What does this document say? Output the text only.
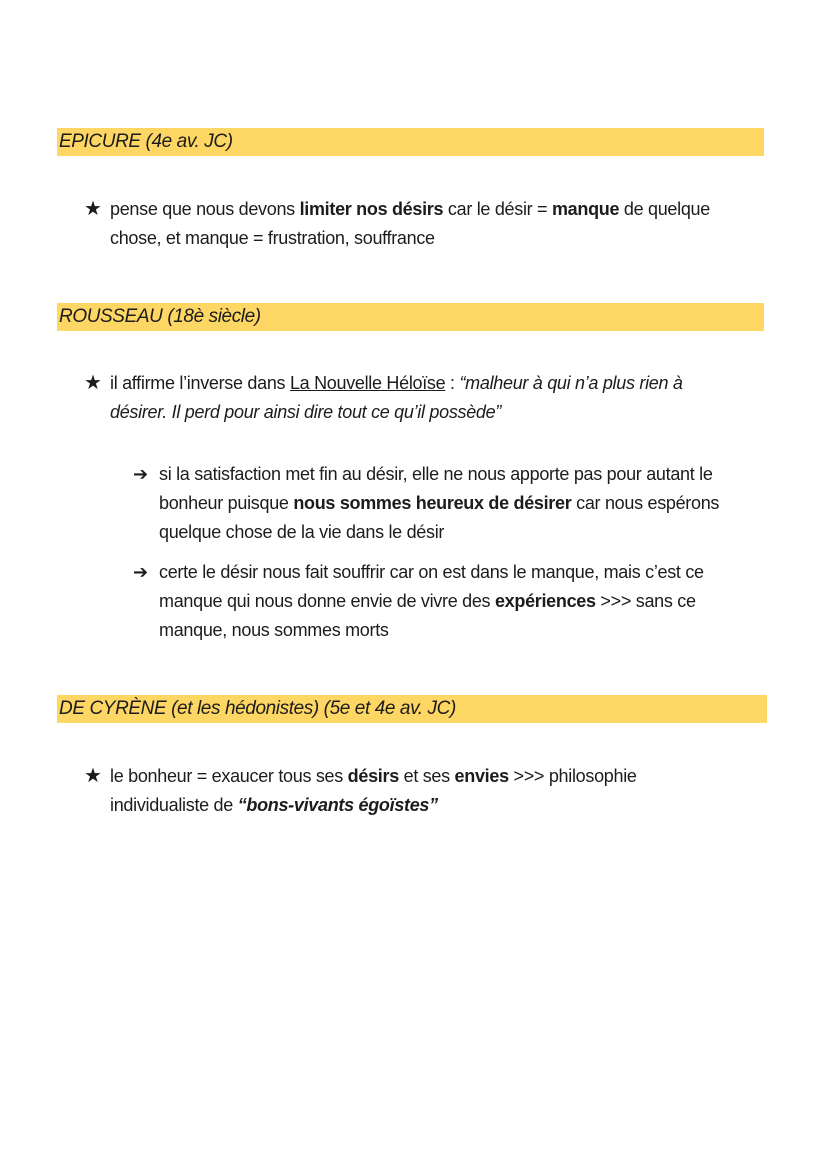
EPICURE (4e av. JC)
★ pense que nous devons limiter nos désirs car le désir = manque de quelque
chose, et manque = frustration, souffrance
ROUSSEAU (18è siècle)
★ il affirme l’inverse dans La Nouvelle Héloïse : “malheur à qui n’a plus rien à
désirer. Il perd pour ainsi dire tout ce qu’il possède”
➔ si la satisfaction met fin au désir, elle ne nous apporte pas pour autant le
bonheur puisque nous sommes heureux de désirer car nous espérons
quelque chose de la vie dans le désir
➔ certe le désir nous fait souffrir car on est dans le manque, mais c’est ce
manque qui nous donne envie de vivre des expériences >>> sans ce
manque, nous sommes morts
DE CYRÈNE (et les hédonistes) (5e et 4e av. JC)
★ le bonheur = exaucer tous ses désirs et ses envies >>> philosophie
individualiste de “bons-vivants égoïstes”
